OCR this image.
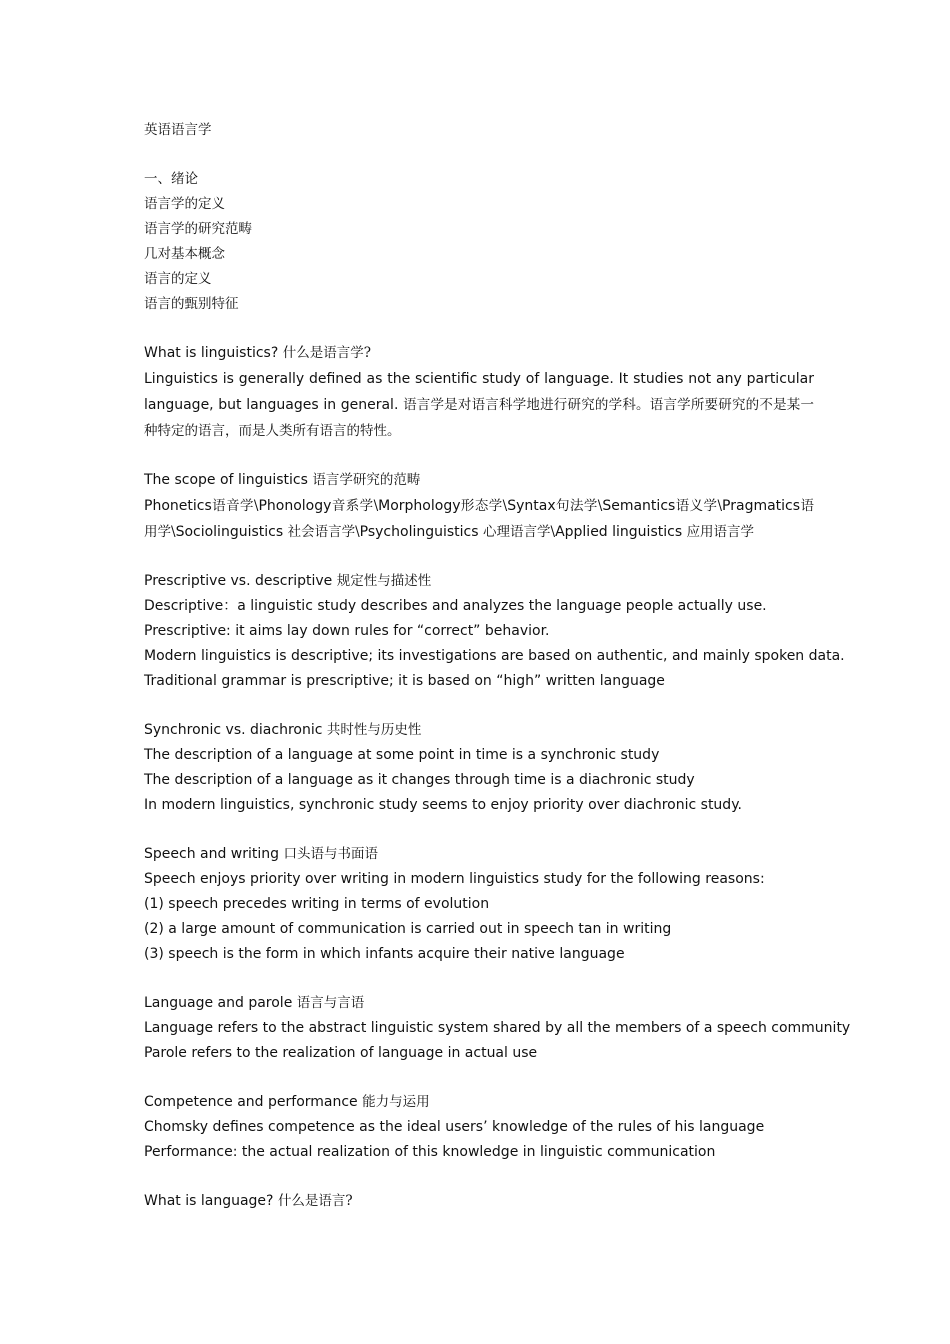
英语语言学
一、绪论
语言学的定义
语言学的研究范畴
几对基本概念
语言的定义
语言的甄别特征
What is linguistics? 什么是语言学?
Linguistics is generally defined as the scientific study of language. It studies not any particular language, but languages in general. 语言学是对语言科学地进行研究的学科。语言学所要研究的不是某一种特定的语言，而是人类所有语言的特性。
The scope of linguistics 语言学研究的范畴
Phonetics语音学\Phonology音系学\Morphology形态学\Syntax句法学\Semantics语义学\Pragmatics语用学\Sociolinguistics 社会语言学\Psycholinguistics 心理语言学\Applied linguistics 应用语言学
Prescriptive vs. descriptive 规定性与描述性
Descriptive：a linguistic study describes and analyzes the language people actually use.
Prescriptive: it aims lay down rules for “correct” behavior.
Modern linguistics is descriptive; its investigations are based on authentic, and mainly spoken data.
Traditional grammar is prescriptive; it is based on “high” written language
Synchronic vs. diachronic 共时性与历史性
The description of a language at some point in time is a synchronic study
The description of a language as it changes through time is a diachronic study
In modern linguistics, synchronic study seems to enjoy priority over diachronic study.
Speech and writing 口头语与书面语
Speech enjoys priority over writing in modern linguistics study for the following reasons:
(1) speech precedes writing in terms of evolution
(2) a large amount of communication is carried out in speech tan in writing
(3) speech is the form in which infants acquire their native language
Language and parole 语言与言语
Language refers to the abstract linguistic system shared by all the members of a speech community
Parole refers to the realization of language in actual use
Competence and performance 能力与运用
Chomsky defines competence as the ideal users’ knowledge of the rules of his language
Performance: the actual realization of this knowledge in linguistic communication
What is language? 什么是语言?
